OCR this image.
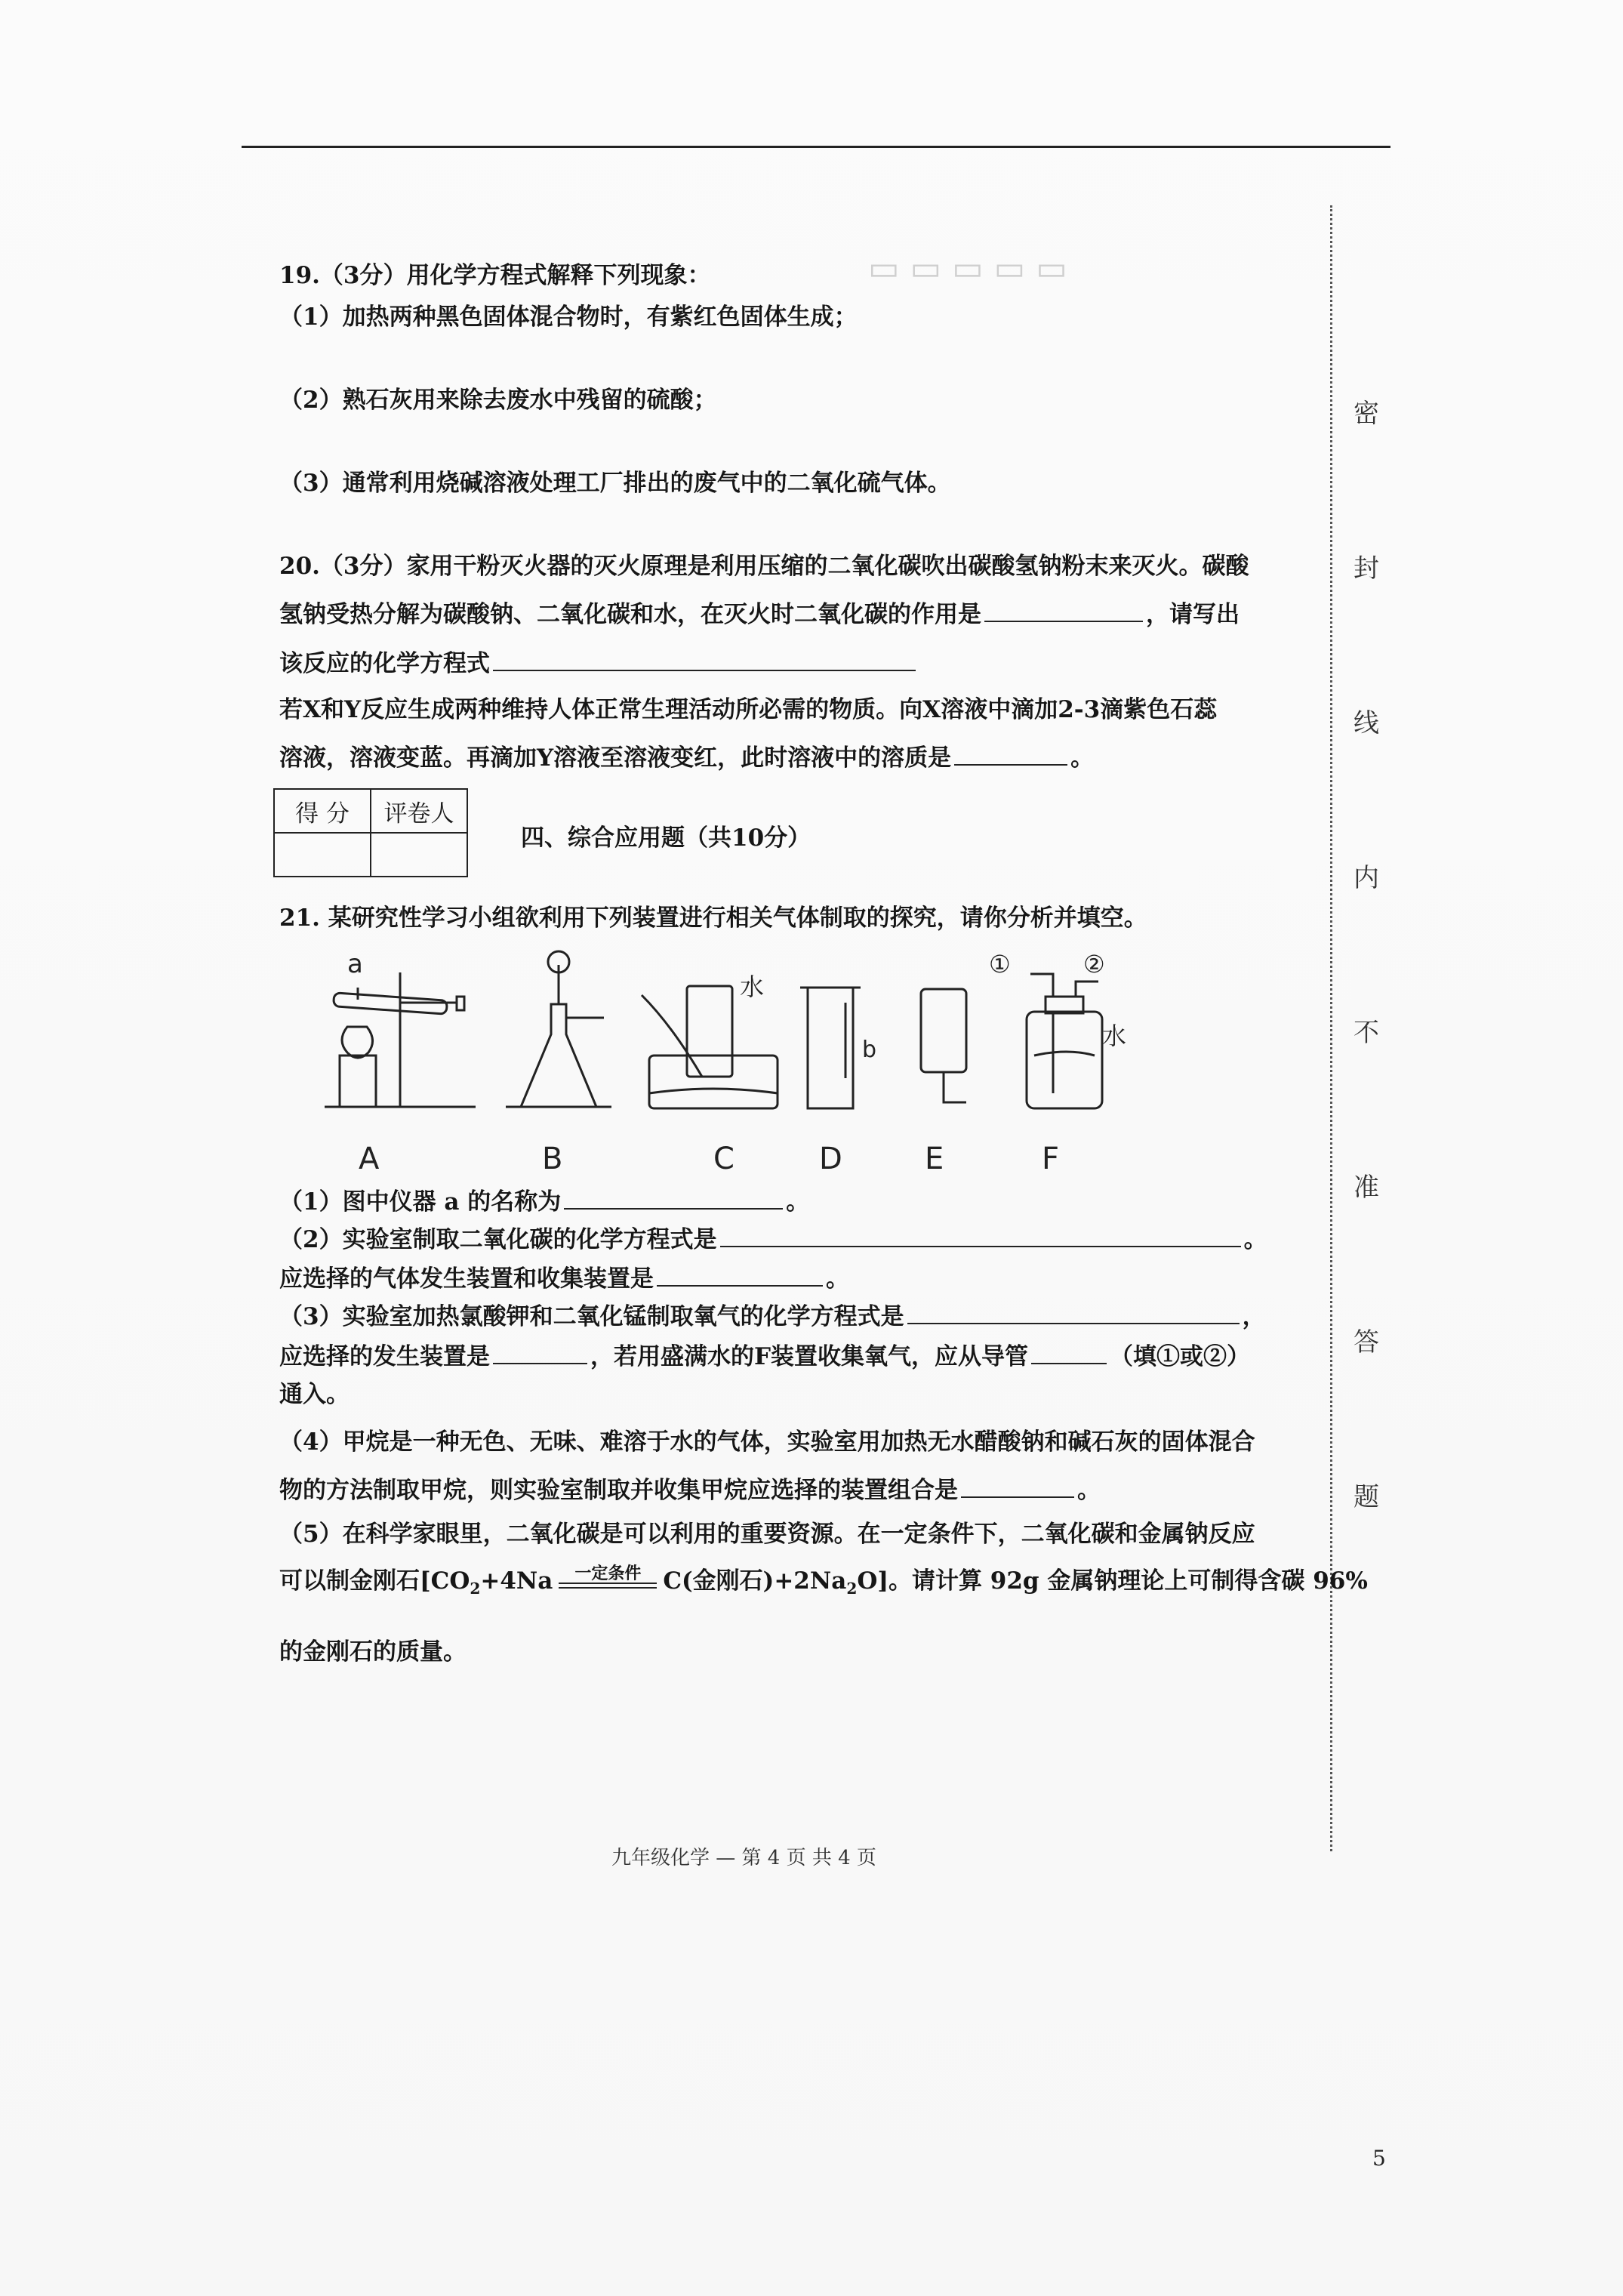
▭ ▭ ▭ ▭ ▭
密
封
线
内
不
准
答
题
19.（3分）用化学方程式解释下列现象：
（1）加热两种黑色固体混合物时，有紫红色固体生成；
（2）熟石灰用来除去废水中残留的硫酸；
（3）通常利用烧碱溶液处理工厂排出的废气中的二氧化硫气体。
20.（3分）家用干粉灭火器的灭火原理是利用压缩的二氧化碳吹出碳酸氢钠粉末来灭火。碳酸
氢钠受热分解为碳酸钠、二氧化碳和水，在灭火时二氧化碳的作用是	，请写出
该反应的化学方程式
若X和Y反应生成两种维持人体正常生理活动所必需的物质。向X溶液中滴加2-3滴紫色石蕊
溶液，溶液变蓝。再滴加Y溶液至溶液变红，此时溶液中的溶质是	。
得 分	评卷人

四、综合应用题（共10分）
21. 某研究性学习小组欲利用下列装置进行相关气体制取的探究，请你分析并填空。
a
b
水
水
①	②
A	B	C	D	E	F
（1）图中仪器 a 的名称为	。
（2）实验室制取二氧化碳的化学方程式是	。
应选择的气体发生装置和收集装置是	。
（3）实验室加热氯酸钾和二氧化锰制取氧气的化学方程式是	，
应选择的发生装置是	，若用盛满水的F装置收集氧气，应从导管	（填①或②）
通入。
（4）甲烷是一种无色、无味、难溶于水的气体，实验室用加热无水醋酸钠和碱石灰的固体混合
物的方法制取甲烷，则实验室制取并收集甲烷应选择的装置组合是	。
（5）在科学家眼里，二氧化碳是可以利用的重要资源。在一定条件下，二氧化碳和金属钠反应
可以制金刚石[$CO_2+4Na$	一定条件 C(金刚石)$+2Na_2O$]。请计算 92g 金属钠理论上可制得含碳 96%
的金刚石的质量。
九年级化学 — 第 4 页 共 4 页
5
